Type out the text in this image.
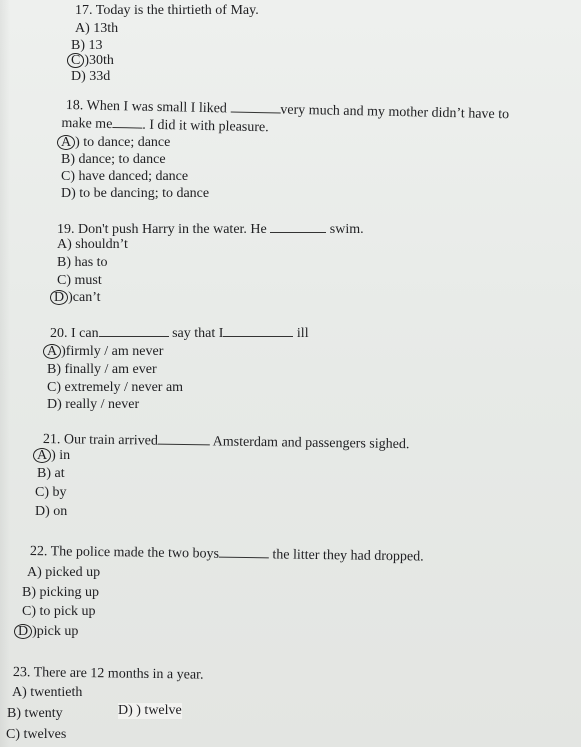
17. Today is the thirtieth of May.
A) 13th
B) 13
C )30th
D) 33d
18. When I was small I liked	very much and my mother didn’t have to
make me . I did it with pleasure.
A ) to dance; dance
B) dance; to dance
C) have danced; dance
D) to be dancing; to dance
19. Don't push Harry in the water. He	swim.
A) shouldn’t
B) has to
C) must
D )can’t
20. I can	say that I	ill
A )firmly / am never
B) finally / am ever
C) extremely / never am
D) really / never
21. Our train arrived	Amsterdam and passengers sighed.
A ) in
B) at
C) by
D) on
22. The police made the two boys	the litter they had dropped.
A) picked up
B) picking up
C) to pick up
D )pick up
23. There are 12 months in a year.
A) twentieth
B) twenty	D) ) twelve
C) twelves
